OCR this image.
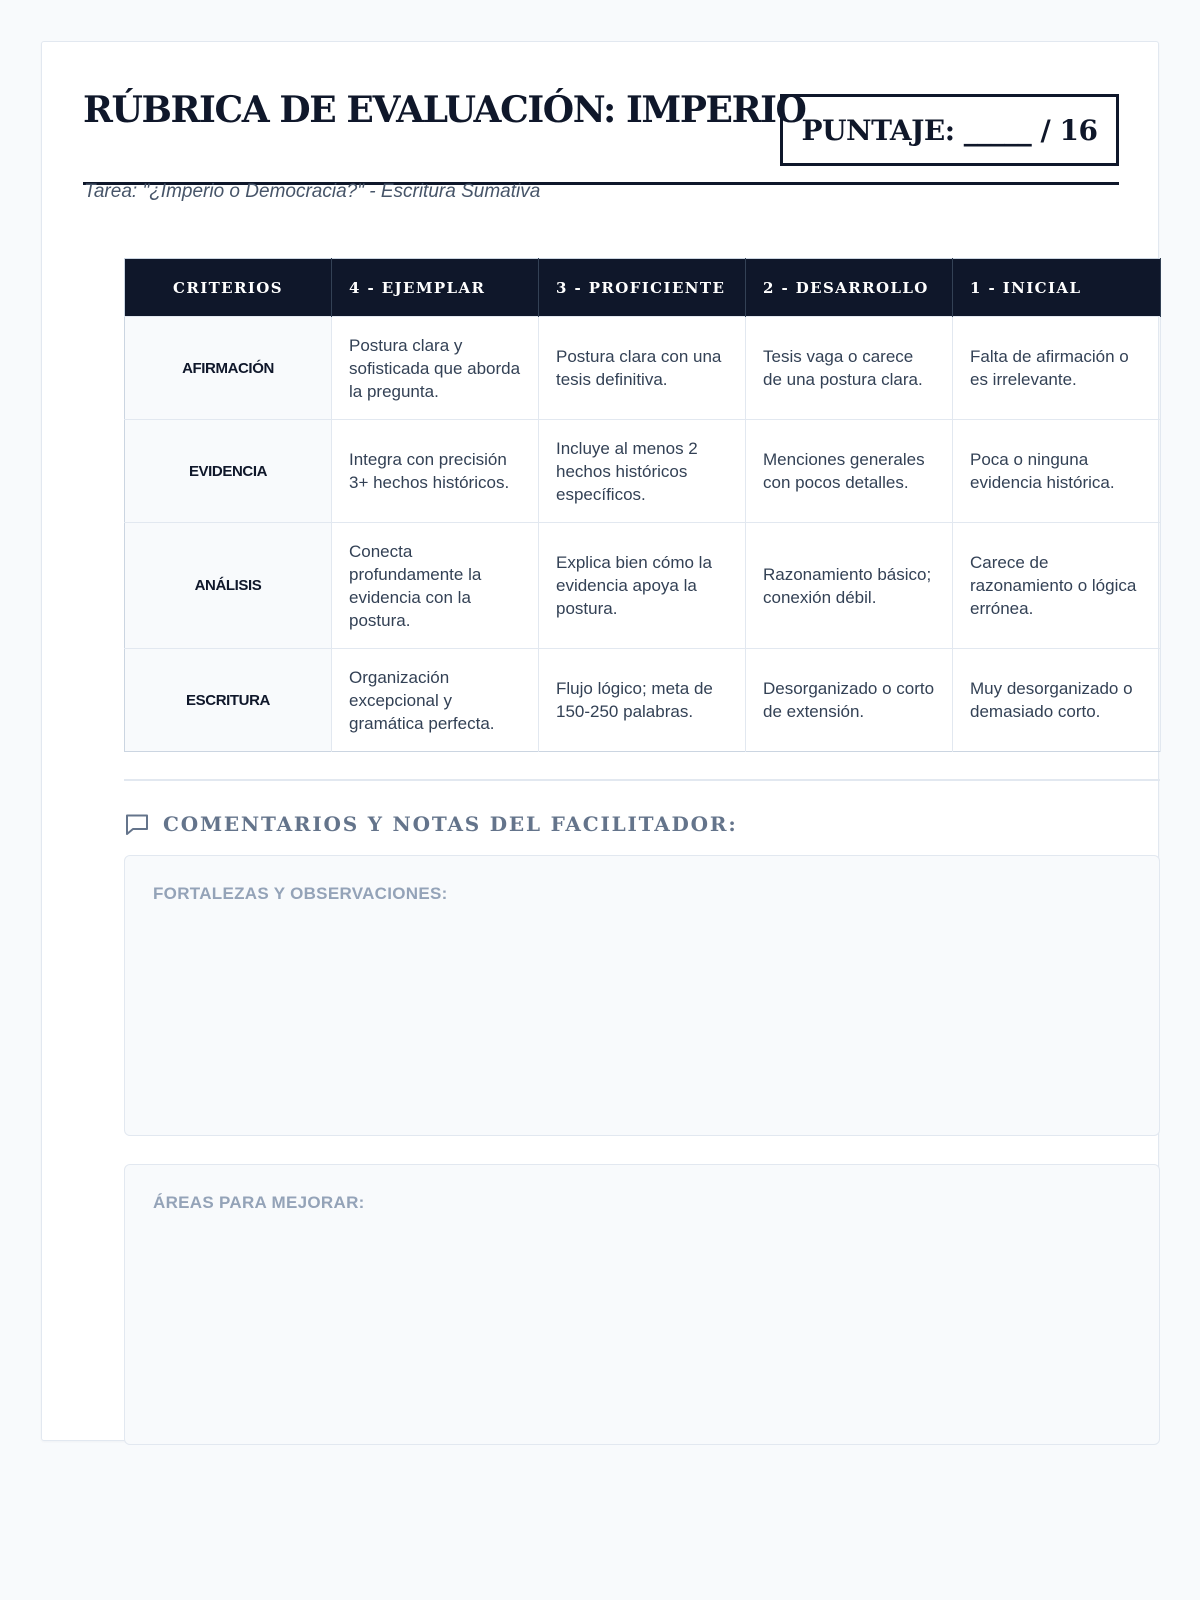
RÚBRICA DE EVALUACIÓN: IMPERIO
Tarea: "¿Imperio o Democracia?" - Escritura Sumativa
PUNTAJE: _____ / 16
CRITERIOS	4 - EJEMPLAR	3 - PROFICIENTE	2 - DESARROLLO	1 - INICIAL
AFIRMACIÓN	Postura clara y sofisticada que aborda la pregunta.	Postura clara con una tesis definitiva.	Tesis vaga o carece de una postura clara.	Falta de afirmación o es irrelevante.
EVIDENCIA	Integra con precisión 3+ hechos históricos.	Incluye al menos 2 hechos históricos específicos.	Menciones generales con pocos detalles.	Poca o ninguna evidencia histórica.
ANÁLISIS	Conecta profundamente la evidencia con la postura.	Explica bien cómo la evidencia apoya la postura.	Razonamiento básico; conexión débil.	Carece de razonamiento o lógica errónea.
ESCRITURA	Organización excepcional y gramática perfecta.	Flujo lógico; meta de 150-250 palabras.	Desorganizado o corto de extensión.	Muy desorganizado o demasiado corto.
COMENTARIOS Y NOTAS DEL FACILITADOR:
FORTALEZAS Y OBSERVACIONES:
ÁREAS PARA MEJORAR:
